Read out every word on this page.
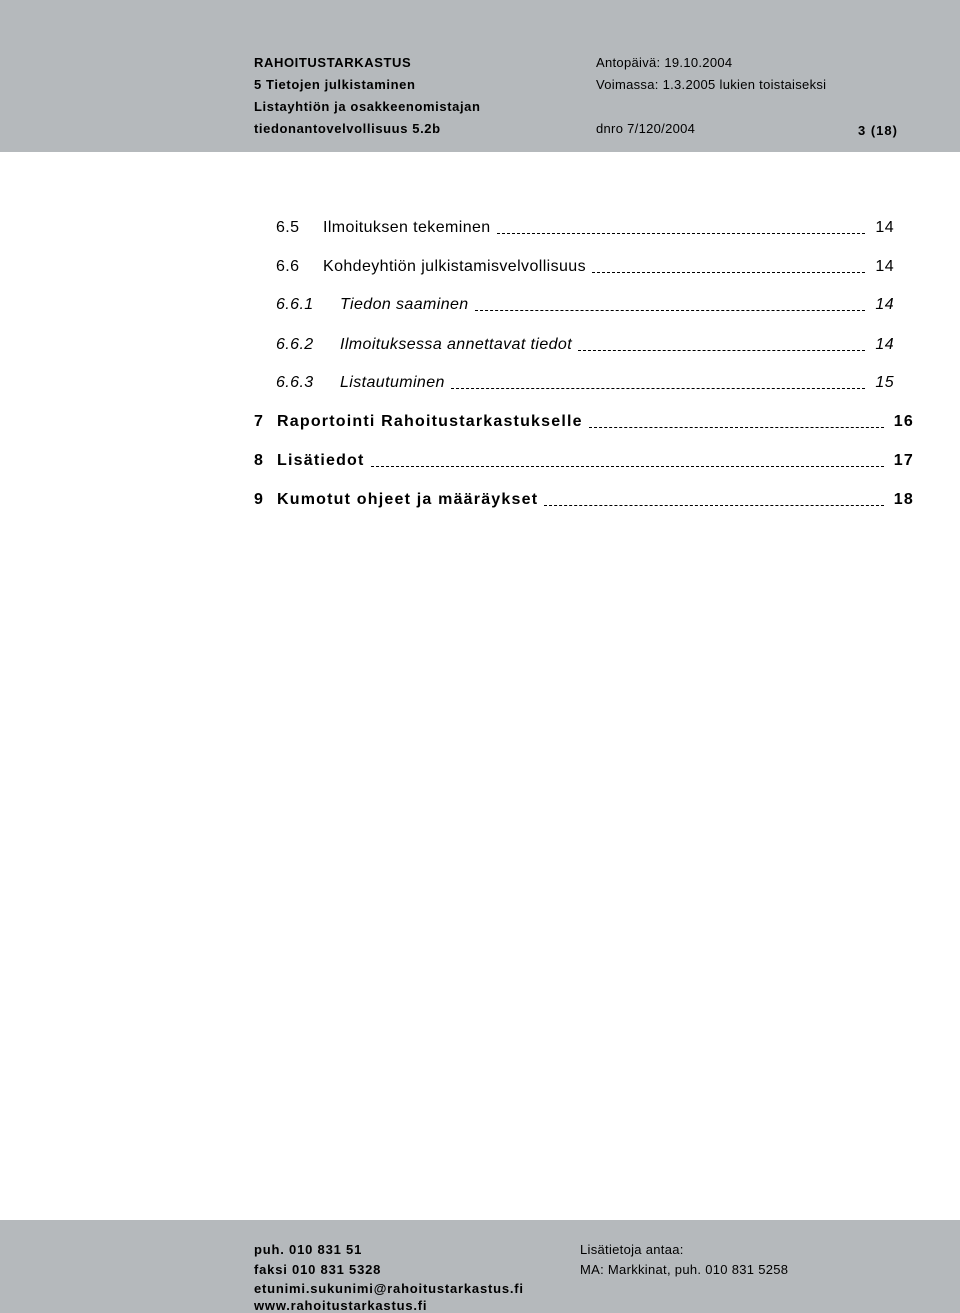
RAHOITUSTARKASTUS
5 Tietojen julkistaminen
Listayhtiön ja osakkeenomistajan
tiedonantovelvollisuus 5.2b
Antopäivä: 19.10.2004
Voimassa: 1.3.2005 lukien toistaiseksi
dnro 7/120/2004	3 (18)
6.5	Ilmoituksen tekeminen	14
6.6	Kohdeyhtiön julkistamisvelvollisuus	14
6.6.1	Tiedon saaminen	14
6.6.2	Ilmoituksessa annettavat tiedot	14
6.6.3	Listautuminen	15
7 Raportointi Rahoitustarkastukselle	16
8 Lisätiedot	17
9 Kumotut ohjeet ja määräykset	18
puh. 010 831 51
faksi 010 831 5328
etunimi.sukunimi@rahoitustarkastus.fi
www.rahoitustarkastus.fi
Lisätietoja antaa:
MA: Markkinat, puh. 010 831 5258
